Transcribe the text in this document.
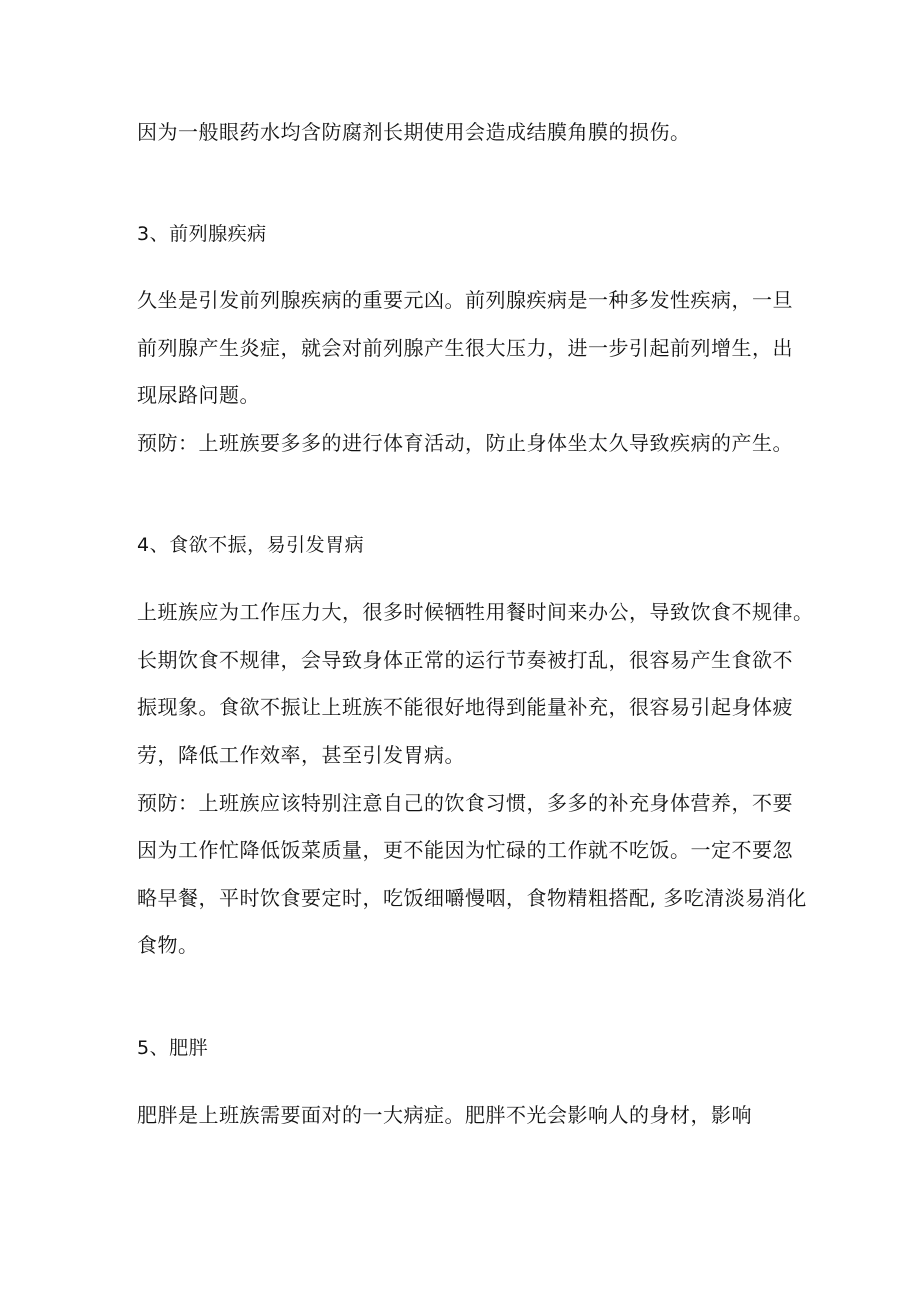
因为一般眼药水均含防腐剂长期使用会造成结膜角膜的损伤。
3、前列腺疾病
久坐是引发前列腺疾病的重要元凶。前列腺疾病是一种多发性疾病，一旦
前列腺产生炎症，就会对前列腺产生很大压力，进一步引起前列增生，出
现尿路问题。
预防：上班族要多多的进行体育活动，防止身体坐太久导致疾病的产生。
4、食欲不振，易引发胃病
上班族应为工作压力大，很多时候牺牲用餐时间来办公，导致饮食不规律。
长期饮食不规律，会导致身体正常的运行节奏被打乱，很容易产生食欲不
振现象。食欲不振让上班族不能很好地得到能量补充，很容易引起身体疲
劳，降低工作效率，甚至引发胃病。
预防：上班族应该特别注意自己的饮食习惯，多多的补充身体营养，不要
因为工作忙降低饭菜质量，更不能因为忙碌的工作就不吃饭。一定不要忽
略早餐，平时饮食要定时，吃饭细嚼慢咽，食物精粗搭配, 多吃清淡易消化
食物。
5、肥胖
肥胖是上班族需要面对的一大病症。肥胖不光会影响人的身材，影响
